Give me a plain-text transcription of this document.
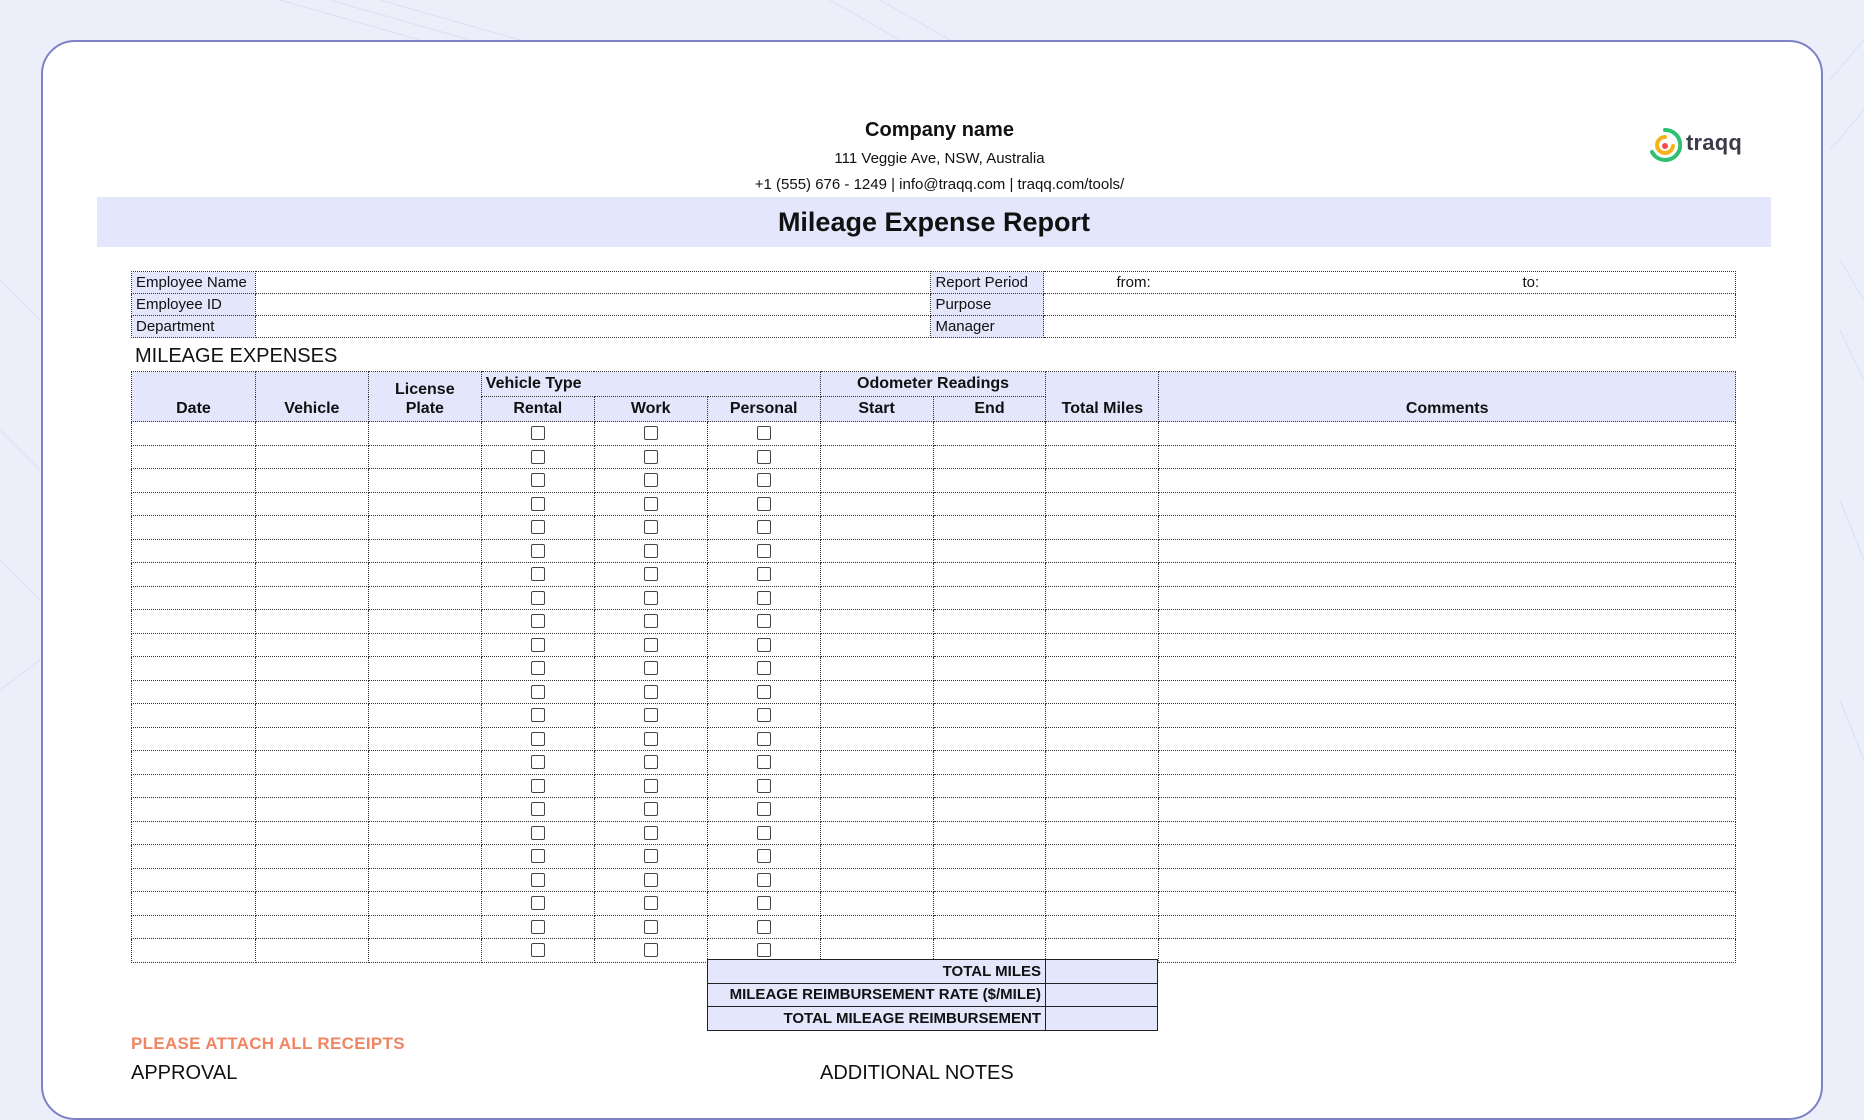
Company name
111 Veggie Ave, NSW, Australia
+1 (555) 676 - 1249 | info@traqq.com | traqq.com/tools/
traqq
Mileage Expense Report
Employee Name		Report Period	from: to:

Employee ID		Purpose	
Department		Manager	
MILEAGE EXPENSES
Date	Vehicle	License Plate	Vehicle Type			Odometer Readings		Total Miles	Comments
			Rental	Work	Personal	Start	End		

TOTAL MILES	
MILEAGE REIMBURSEMENT RATE ($/MILE)	
TOTAL MILEAGE REIMBURSEMENT	
PLEASE ATTACH ALL RECEIPTS
APPROVAL	ADDITIONAL NOTES
